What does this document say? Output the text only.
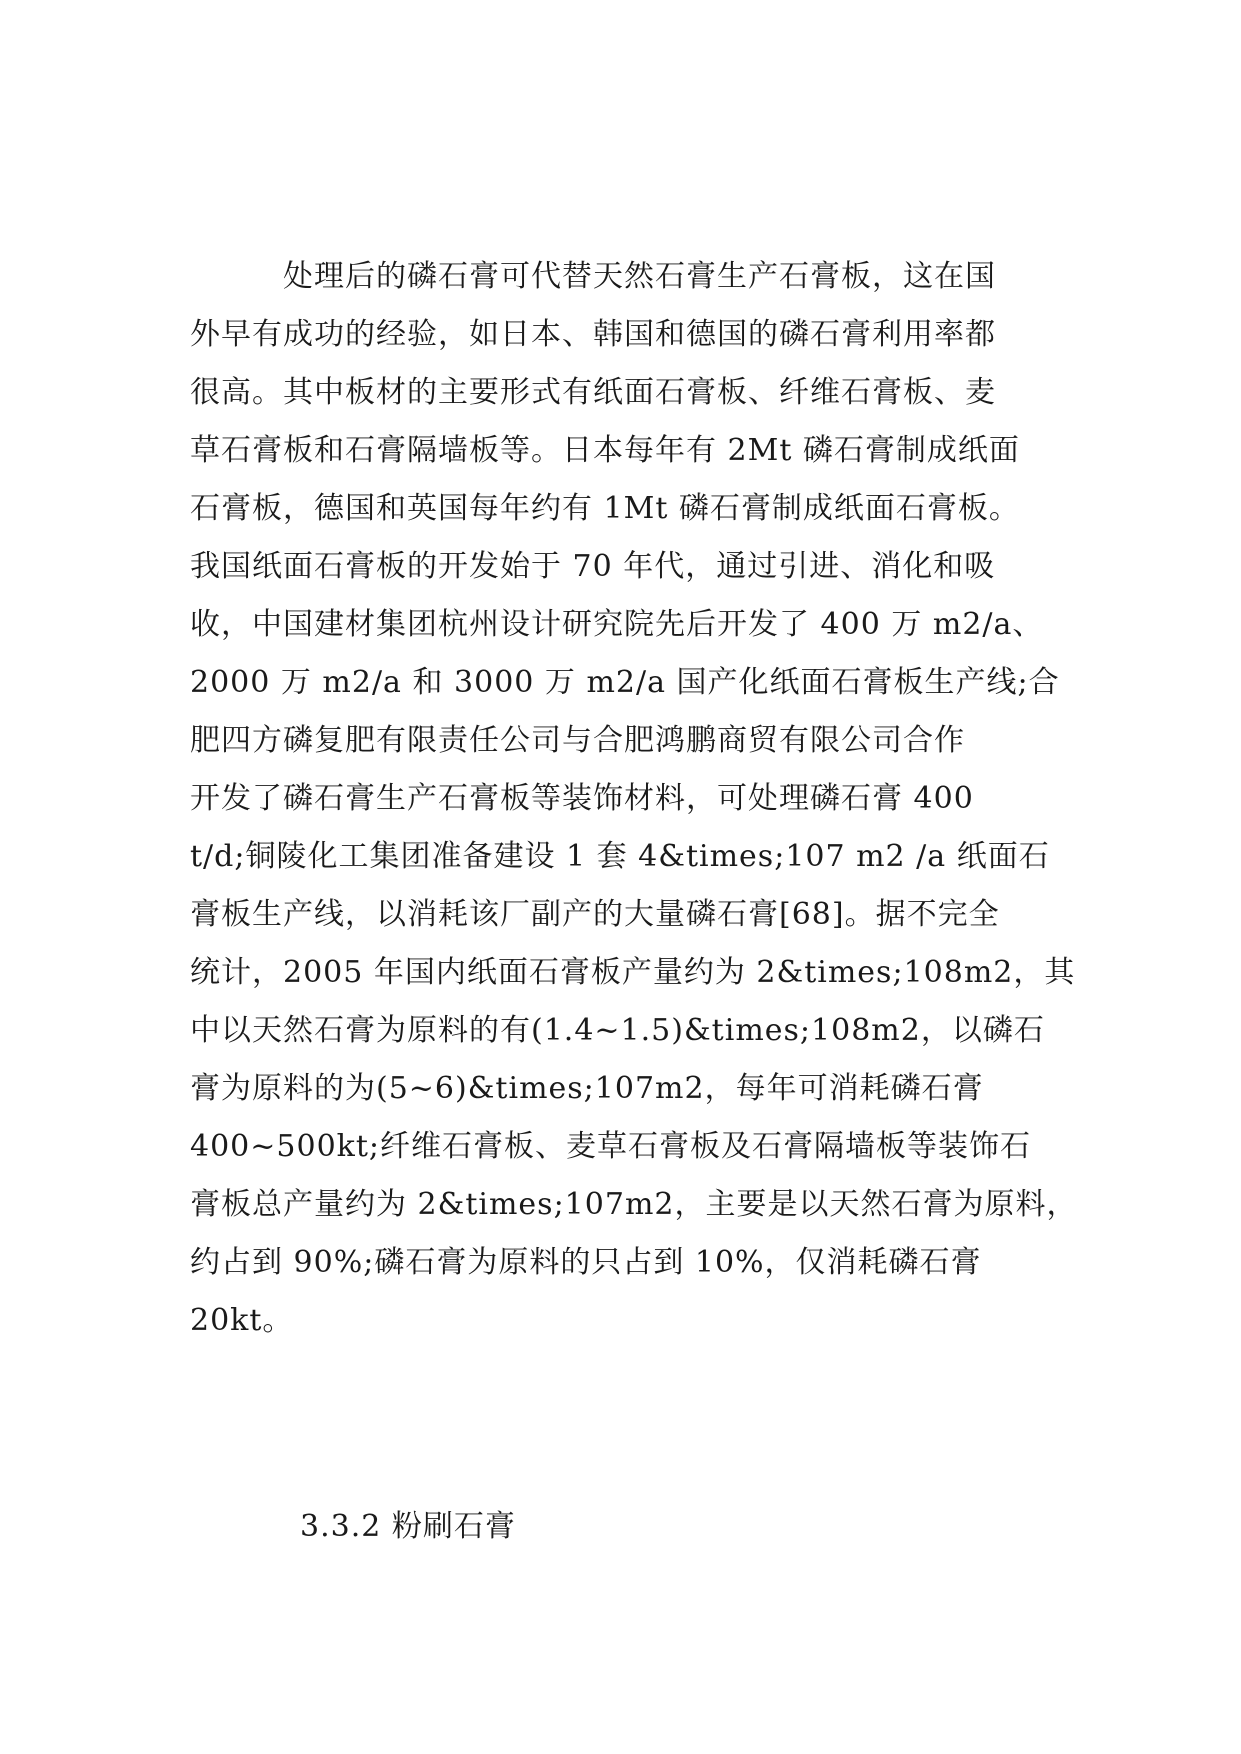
　　　处理后的磷石膏可代替天然石膏生产石膏板，这在国
外早有成功的经验，如日本、韩国和德国的磷石膏利用率都
很高。其中板材的主要形式有纸面石膏板、纤维石膏板、麦
草石膏板和石膏隔墙板等。日本每年有 2Mt 磷石膏制成纸面
石膏板，德国和英国每年约有 1Mt 磷石膏制成纸面石膏板。
我国纸面石膏板的开发始于 70 年代，通过引进、消化和吸
收，中国建材集团杭州设计研究院先后开发了 400 万 m2/a、
2000 万 m2/a 和 3000 万 m2/a 国产化纸面石膏板生产线;合
肥四方磷复肥有限责任公司与合肥鸿鹏商贸有限公司合作
开发了磷石膏生产石膏板等装饰材料，可处理磷石膏 400
t/d;铜陵化工集团准备建设 1 套 4&times;107 m2 /a 纸面石
膏板生产线，以消耗该厂副产的大量磷石膏[68]。据不完全
统计，2005 年国内纸面石膏板产量约为 2&times;108m2，其
中以天然石膏为原料的有(1.4~1.5)&times;108m2，以磷石
膏为原料的为(5~6)&times;107m2，每年可消耗磷石膏
400~500kt;纤维石膏板、麦草石膏板及石膏隔墙板等装饰石
膏板总产量约为 2&times;107m2，主要是以天然石膏为原料，
约占到 90%;磷石膏为原料的只占到 10%，仅消耗磷石膏
20kt。
3.3.2 粉刷石膏
